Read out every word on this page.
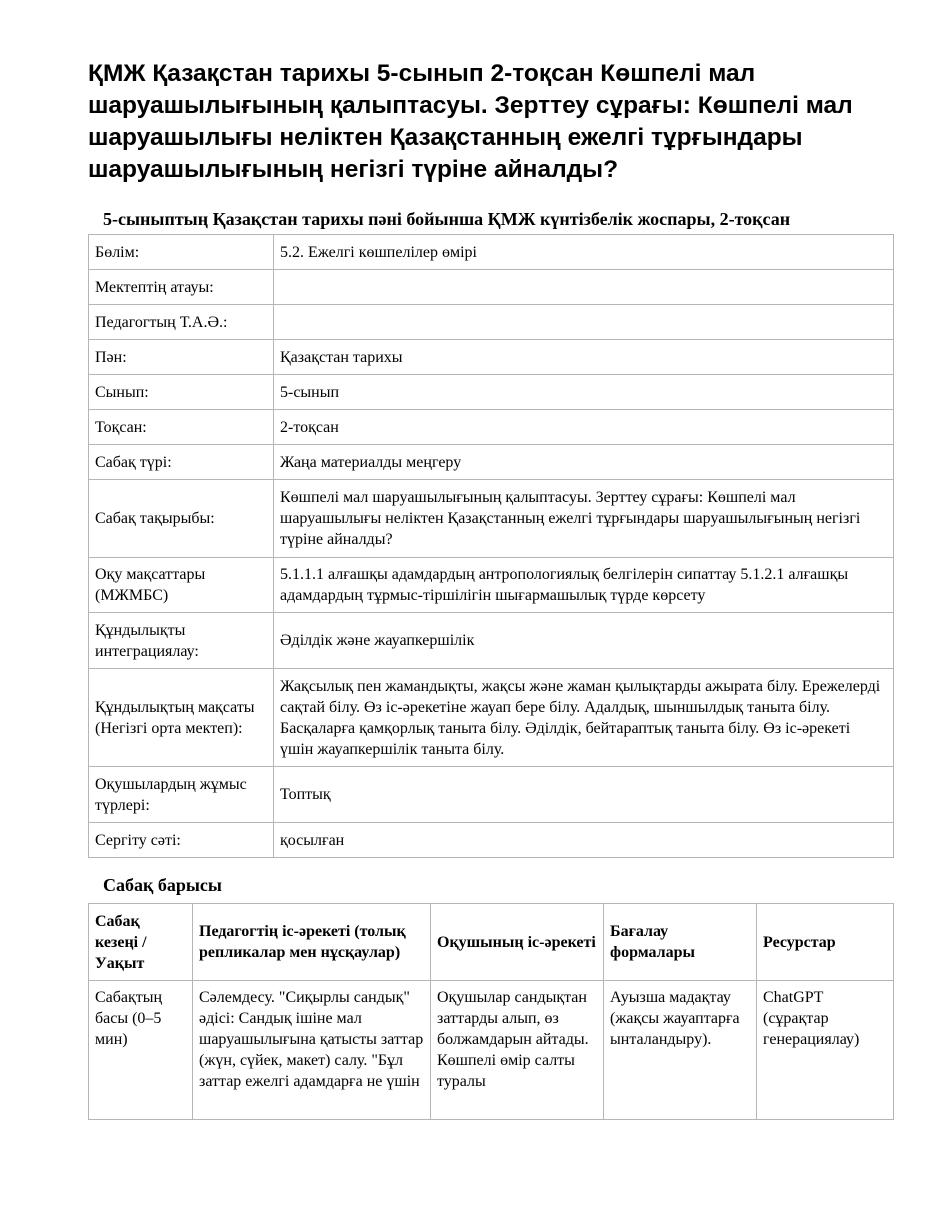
ҚМЖ Қазақстан тарихы 5-сынып 2-тоқсан Көшпелі мал шаруашылығының қалыптасуы. Зерттеу сұрағы: Көшпелі мал шаруашылығы неліктен Қазақстанның ежелгі тұрғындары шаруашылығының негізгі түріне айналды?
5-сыныптың Қазақстан тарихы пәні бойынша ҚМЖ күнтізбелік жоспары, 2-тоқсан
Бөлім:	5.2. Ежелгі көшпелілер өмірі
Мектептің атауы:	
Педагогтың Т.А.Ә.:	
Пән:	Қазақстан тарихы
Сынып:	5-сынып
Тоқсан:	2-тоқсан
Сабақ түрі:	Жаңа материалды меңгеру
Сабақ тақырыбы:	Көшпелі мал шаруашылығының қалыптасуы. Зерттеу сұрағы: Көшпелі мал шаруашылығы неліктен Қазақстанның ежелгі тұрғындары шаруашылығының негізгі түріне айналды?
Оқу мақсаттары (МЖМБС)	5.1.1.1 алғашқы адамдардың антропологиялық белгілерін сипаттау 5.1.2.1 алғашқы адамдардың тұрмыс-тіршілігін шығармашылық түрде көрсету
Құндылықты интеграциялау:	Әділдік және жауапкершілік
Құндылықтың мақсаты (Негізгі орта мектеп):	Жақсылық пен жамандықты, жақсы және жаман қылықтарды ажырата білу. Ережелерді сақтай білу. Өз іс-әрекетіне жауап бере білу. Адалдық, шыншылдық таныта білу. Басқаларға қамқорлық таныта білу. Әділдік, бейтараптық таныта білу. Өз іс-әрекеті үшін жауапкершілік таныта білу.
Оқушылардың жұмыс түрлері:	Топтық
Сергіту сәті:	қосылған
Сабақ барысы
Сабақ кезеңі / Уақыт	Педагогтің іс-әрекеті (толық репликалар мен нұсқаулар)	Оқушының іс-әрекеті	Бағалау формалары	Ресурстар
Сабақтың басы (0–5 мин)	Сәлемдесу. "Сиқырлы сандық" әдісі: Сандық ішіне мал шаруашылығына қатысты заттар (жүн, сүйек, макет) салу. "Бұл заттар ежелгі адамдарға не үшін	Оқушылар сандықтан заттарды алып, өз болжамдарын айтады. Көшпелі өмір салты туралы	Ауызша мадақтау (жақсы жауаптарға ынталандыру).	ChatGPT (сұрақтар генерациялау)
